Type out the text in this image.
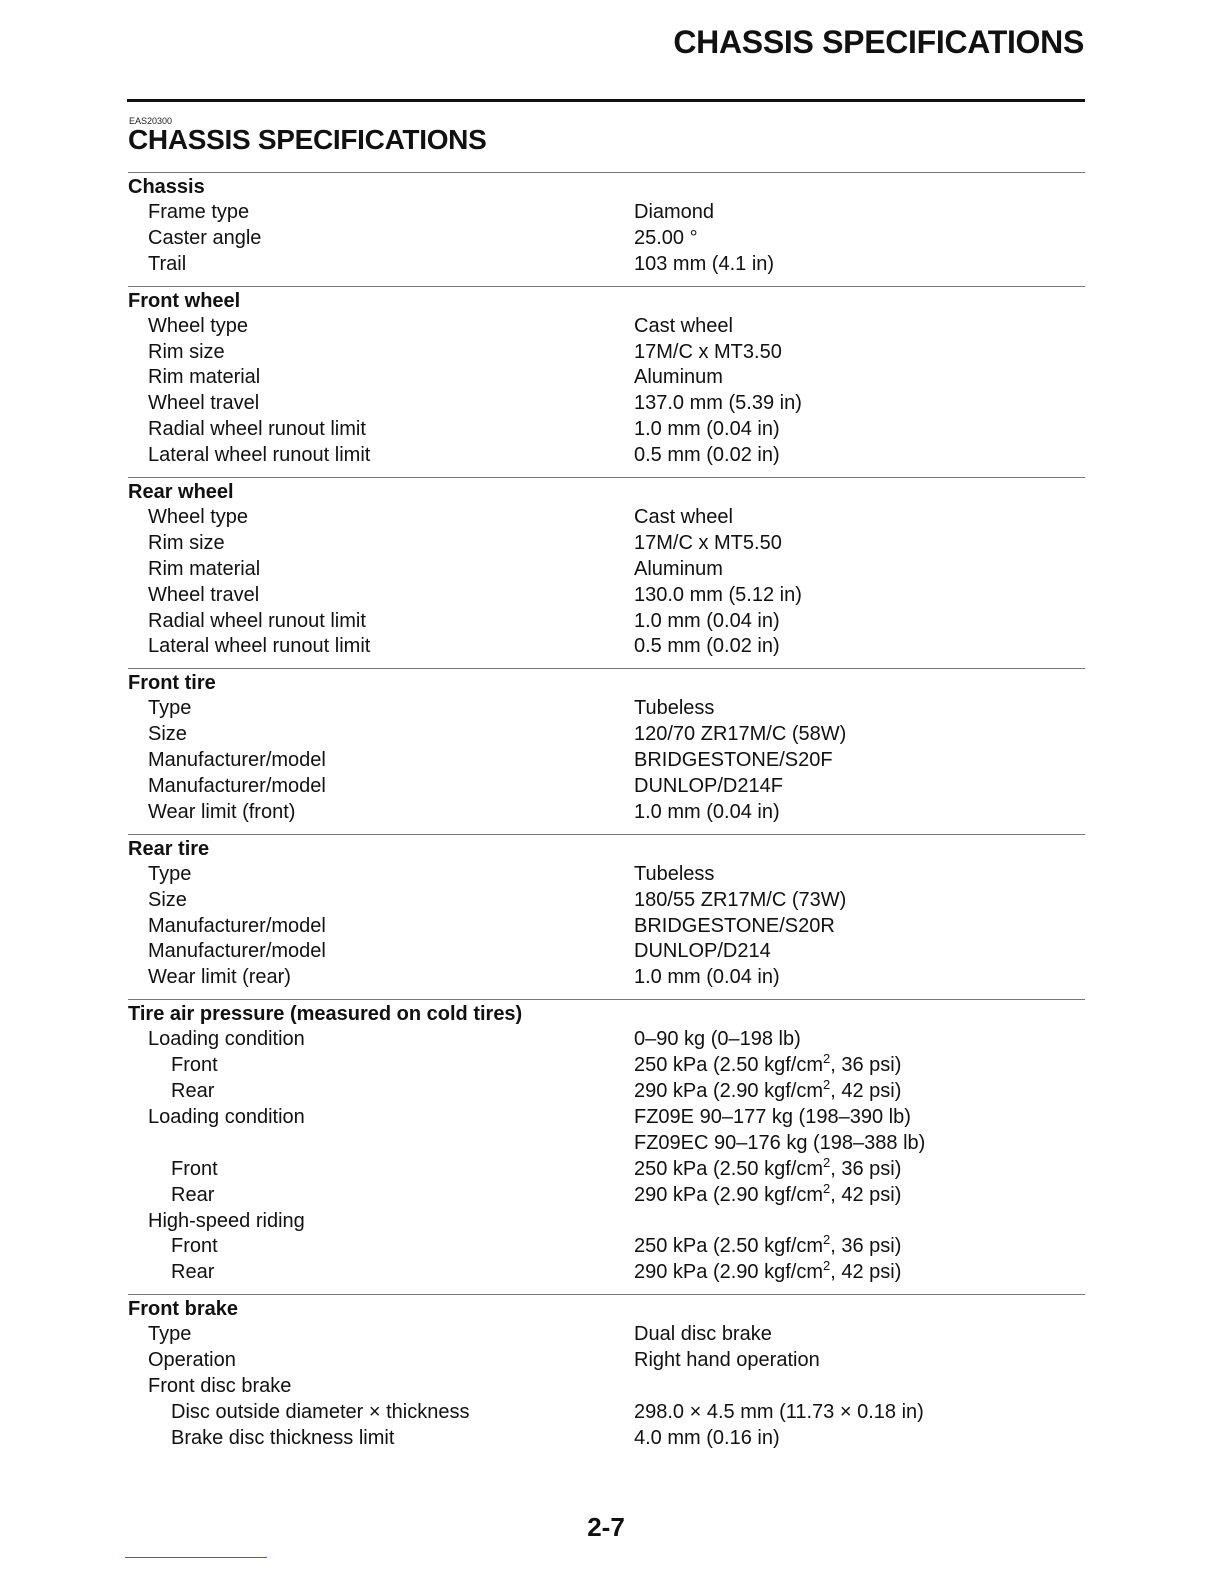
CHASSIS SPECIFICATIONS
EAS20300
CHASSIS SPECIFICATIONS
Chassis
Frame type	Diamond
Caster angle	25.00 °
Trail	103 mm (4.1 in)
Front wheel
Wheel type	Cast wheel
Rim size	17M/C x MT3.50
Rim material	Aluminum
Wheel travel	137.0 mm (5.39 in)
Radial wheel runout limit	1.0 mm (0.04 in)
Lateral wheel runout limit	0.5 mm (0.02 in)
Rear wheel
Wheel type	Cast wheel
Rim size	17M/C x MT5.50
Rim material	Aluminum
Wheel travel	130.0 mm (5.12 in)
Radial wheel runout limit	1.0 mm (0.04 in)
Lateral wheel runout limit	0.5 mm (0.02 in)
Front tire
Type	Tubeless
Size	120/70 ZR17M/C (58W)
Manufacturer/model	BRIDGESTONE/S20F
Manufacturer/model	DUNLOP/D214F
Wear limit (front)	1.0 mm (0.04 in)
Rear tire
Type	Tubeless
Size	180/55 ZR17M/C (73W)
Manufacturer/model	BRIDGESTONE/S20R
Manufacturer/model	DUNLOP/D214
Wear limit (rear)	1.0 mm (0.04 in)
Tire air pressure (measured on cold tires)
Loading condition	0–90 kg (0–198 lb)
Front	250 kPa (2.50 kgf/$cm^2$, 36 psi)
Rear	290 kPa (2.90 kgf/$cm^2$, 42 psi)
Loading condition	FZ09E 90–177 kg (198–390 lb)
FZ09EC 90–176 kg (198–388 lb)
Front	250 kPa (2.50 kgf/$cm^2$, 36 psi)
Rear	290 kPa (2.90 kgf/$cm^2$, 42 psi)
High-speed riding
Front	250 kPa (2.50 kgf/$cm^2$, 36 psi)
Rear	290 kPa (2.90 kgf/$cm^2$, 42 psi)
Front brake
Type	Dual disc brake
Operation	Right hand operation
Front disc brake
Disc outside diameter × thickness	298.0 × 4.5 mm (11.73 × 0.18 in)
Brake disc thickness limit	4.0 mm (0.16 in)
2-7
